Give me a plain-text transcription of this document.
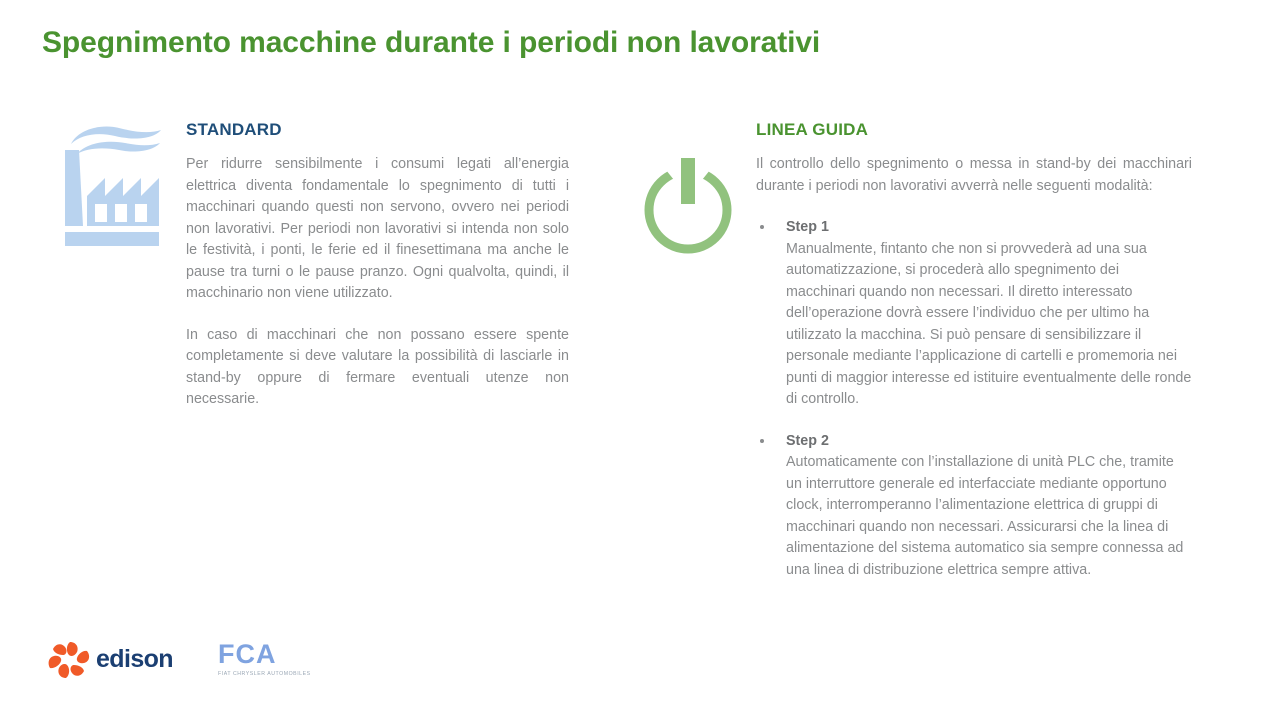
Spegnimento macchine durante i periodi non lavorativi
STANDARD

Per ridurre sensibilmente i consumi legati all’energia elettrica diventa fondamentale lo spegnimento di tutti i macchinari quando questi non servono, ovvero nei periodi non lavorativi. Per periodi non lavorativi si intenda non solo le festività, i ponti, le ferie ed il finesettimana ma anche le pause tra turni o le pause pranzo. Ogni qualvolta, quindi, il macchinario non viene utilizzato.

In caso di macchinari che non possano essere spente completamente si deve valutare la possibilità di lasciarle in stand-by oppure di fermare eventuali utenze non necessarie.

LINEA GUIDA

Il controllo dello spegnimento o messa in stand-by dei macchinari durante i periodi non lavorativi avverrà nelle seguenti modalità:

Step 1
Manualmente, fintanto che non si provvederà ad una sua automatizzazione, si procederà allo spegnimento dei macchinari quando non necessari. Il diretto interessato dell’operazione dovrà essere l’individuo che per ultimo ha utilizzato la macchina. Si può pensare di sensibilizzare il personale mediante l’applicazione di cartelli e promemoria nei punti di maggior interesse ed istituire eventualmente delle ronde di controllo.
Step 2
Automaticamente con l’installazione di unità PLC che, tramite un interruttore generale ed interfacciate mediante opportuno clock, interromperanno l’alimentazione elettrica di gruppi di macchinari quando non necessari. Assicurarsi che la linea di alimentazione del sistema automatico sia sempre connessa ad una linea di distribuzione elettrica sempre attiva.
edison FCA
FIAT CHRYSLER AUTOMOBILES
